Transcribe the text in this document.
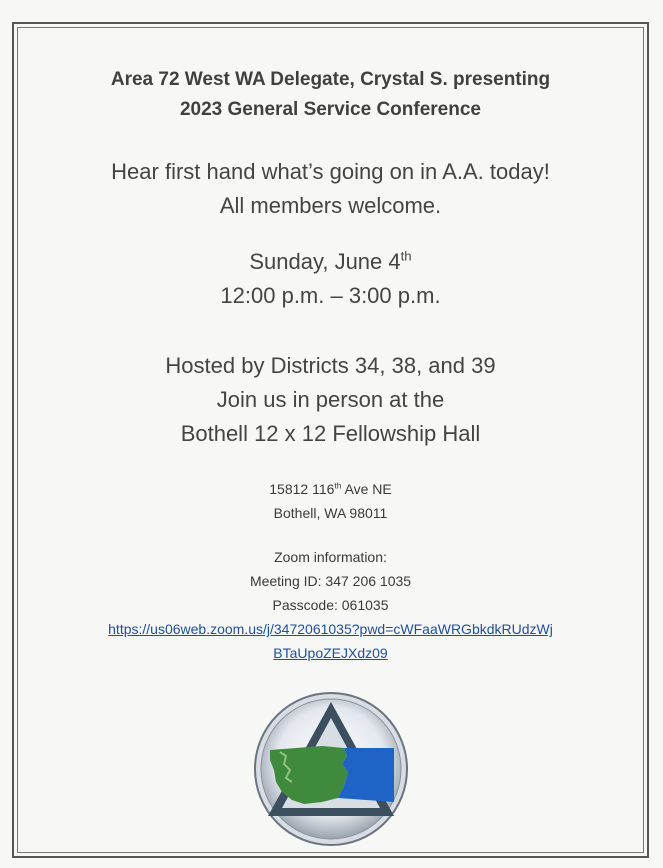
Area 72 West WA Delegate, Crystal S. presenting
2023 General Service Conference
Hear first hand what’s going on in A.A. today!
All members welcome.
Sunday, June 4th
12:00 p.m. – 3:00 p.m.
Hosted by Districts 34, 38, and 39
Join us in person at the
Bothell 12 x 12 Fellowship Hall
15812 116th Ave NE
Bothell, WA 98011
Zoom information:
Meeting ID: 347 206 1035
Passcode: 061035
https://us06web.zoom.us/j/3472061035?pwd=cWFaaWRGbkdkRUdzWj
BTaUpoZEJXdz09
